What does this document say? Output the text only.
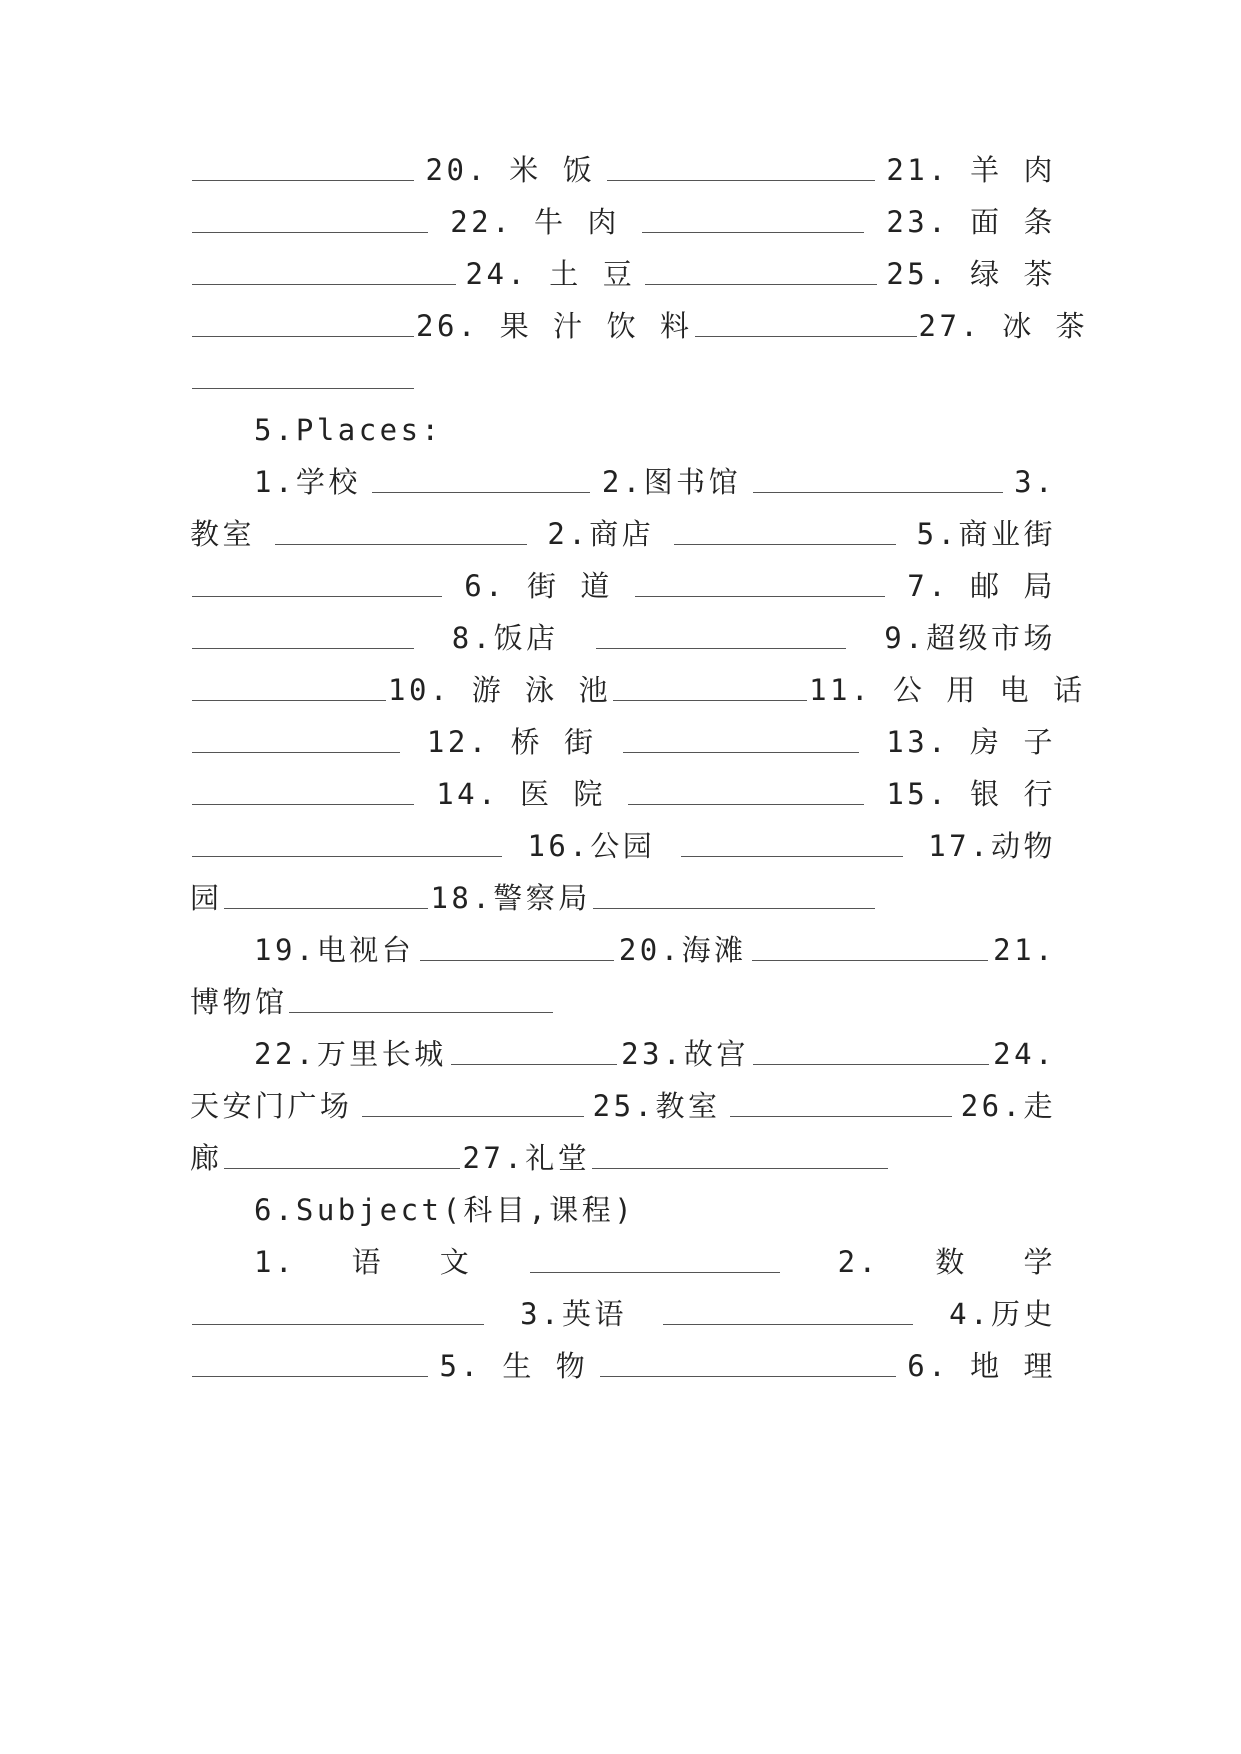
20. 米 饭	21. 羊 肉
22. 牛 肉	23. 面 条
24. 土 豆	25. 绿 茶
26. 果 汁 饮 料	27. 冰 茶
5.Places:
1.学校	2.图书馆	3.
教室	2.商店	5.商业街
6. 街 道	7. 邮 局
8.饭店	9.超级市场
10. 游 泳 池	11. 公 用 电 话
12. 桥 街	13. 房 子
14. 医 院	15. 银 行
16.公园	17.动物
园	18.警察局
19.电视台	20.海滩	21.
博物馆
22.万里长城	23.故宫	24.
天安门广场	25.教室	26.走
廊	27.礼堂
6.Subject(科目,课程)
1. 语 文	2. 数 学
3.英语	4.历史
5. 生 物	6. 地 理
